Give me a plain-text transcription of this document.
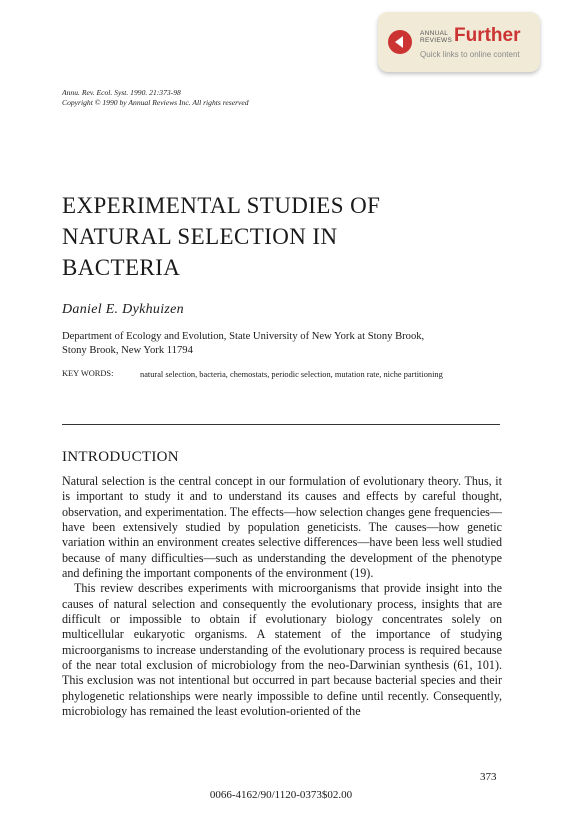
ANNUAL
REVIEWS Further
Quick links to online content
Annu. Rev. Ecol. Syst. 1990. 21:373-98
Copyright © 1990 by Annual Reviews Inc. All rights reserved
EXPERIMENTAL STUDIES OF
NATURAL SELECTION IN
BACTERIA
Daniel E. Dykhuizen
Department of Ecology and Evolution, State University of New York at Stony Brook,
Stony Brook, New York 11794
KEY WORDS:	natural selection, bacteria, chemostats, periodic selection, mutation rate, niche partitioning
INTRODUCTION

Natural selection is the central concept in our formulation of evolutionary theory. Thus, it is important to study it and to understand its causes and effects by careful thought, observation, and experimentation. The effects—how selection changes gene frequencies—have been extensively studied by population geneticists. The causes—how genetic variation within an environment creates selective differences—have been less well studied because of many difficulties—such as understanding the development of the phenotype and defining the important components of the environment (19).

This review describes experiments with microorganisms that provide insight into the causes of natural selection and consequently the evolutionary process, insights that are difficult or impossible to obtain if evolutionary biology concentrates solely on multicellular eukaryotic organisms. A statement of the importance of studying microorganisms to increase understanding of the evolutionary process is required because of the near total exclusion of microbiology from the neo-Darwinian synthesis (61, 101). This exclusion was not intentional but occurred in part because bacterial species and their phylogenetic relationships were nearly impossible to define until recently. Consequently, microbiology has remained the least evolution-oriented of the

373
0066-4162/90/1120-0373$02.00
